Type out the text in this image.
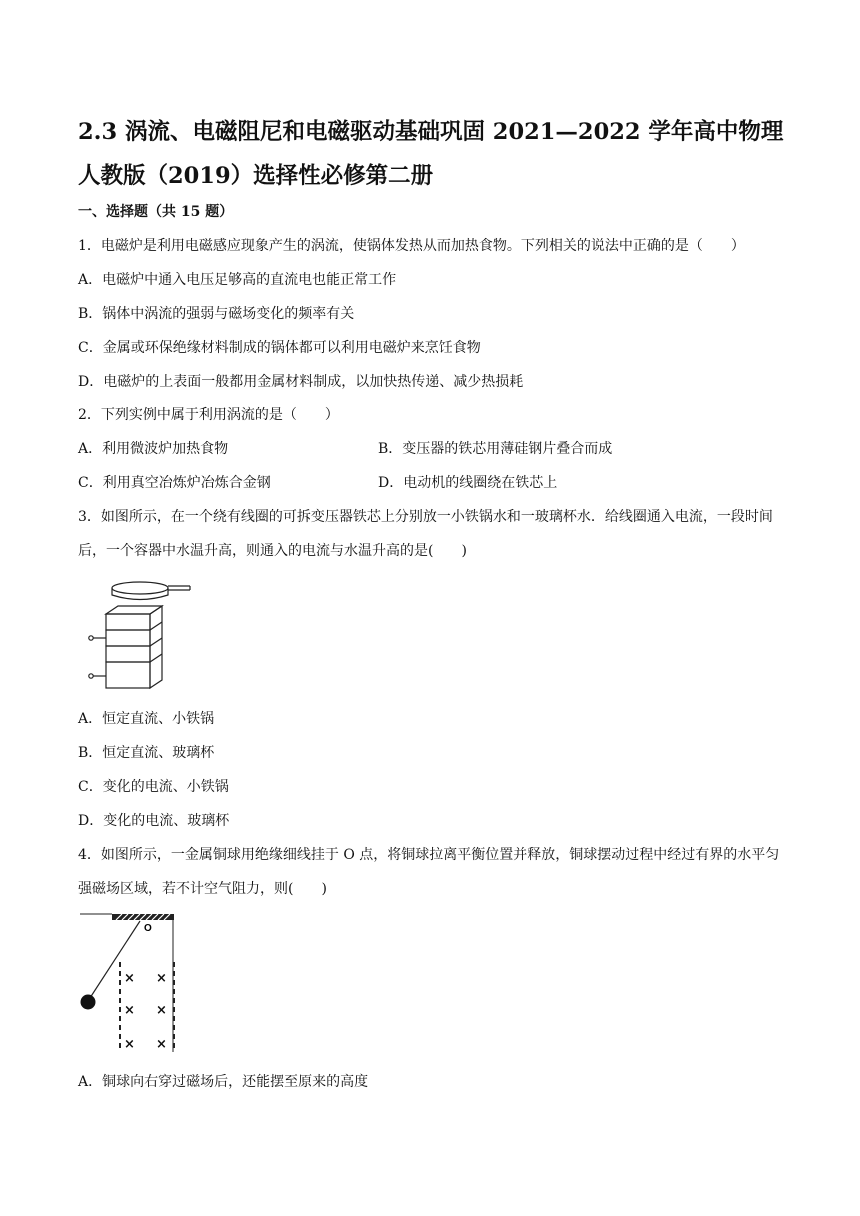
2.3 涡流、电磁阻尼和电磁驱动基础巩固 2021—2022 学年高中物理人教版（2019）选择性必修第二册
一、选择题（共 15 题）
1．电磁炉是利用电磁感应现象产生的涡流，使锅体发热从而加热食物。下列相关的说法中正确的是（　　）
A．电磁炉中通入电压足够高的直流电也能正常工作
B．锅体中涡流的强弱与磁场变化的频率有关
C．金属或环保绝缘材料制成的锅体都可以利用电磁炉来烹饪食物
D．电磁炉的上表面一般都用金属材料制成，以加快热传递、减少热损耗
2．下列实例中属于利用涡流的是（　　）
A．利用微波炉加热食物	B．变压器的铁芯用薄硅钢片叠合而成
C．利用真空冶炼炉冶炼合金钢	D．电动机的线圈绕在铁芯上
3．如图所示，在一个绕有线圈的可拆变压器铁芯上分别放一小铁锅水和一玻璃杯水．给线圈通入电流，一段时间后，一个容器中水温升高，则通入的电流与水温升高的是(　　)
A．恒定直流、小铁锅
B．恒定直流、玻璃杯
C．变化的电流、小铁锅
D．变化的电流、玻璃杯
4．如图所示，一金属铜球用绝缘细线挂于 O 点，将铜球拉离平衡位置并释放，铜球摆动过程中经过有界的水平匀强磁场区域，若不计空气阻力，则(　　)
O
× ×
× ×
× ×
A．铜球向右穿过磁场后，还能摆至原来的高度
